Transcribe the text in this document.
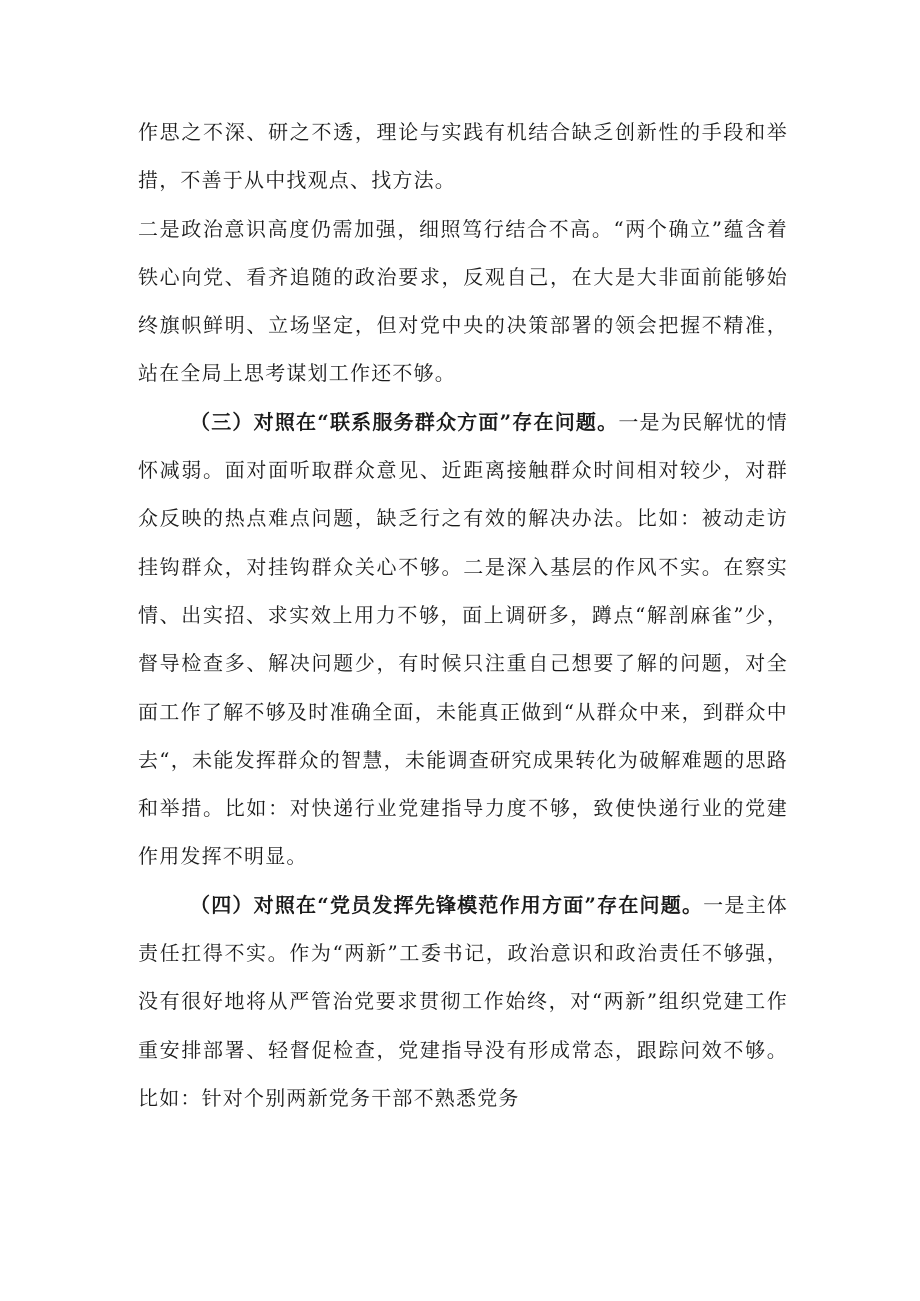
作思之不深、研之不透，理论与实践有机结合缺乏创新性的手段和举措，不善于从中找观点、找方法。

二是政治意识高度仍需加强，细照笃行结合不高。“两个确立”蕴含着铁心向党、看齐追随的政治要求，反观自己，在大是大非面前能够始终旗帜鲜明、立场坚定，但对党中央的决策部署的领会把握不精准，站在全局上思考谋划工作还不够。

（三）对照在“联系服务群众方面”存在问题。一是为民解忧的情怀减弱。面对面听取群众意见、近距离接触群众时间相对较少，对群众反映的热点难点问题，缺乏行之有效的解决办法。比如：被动走访挂钩群众，对挂钩群众关心不够。二是深入基层的作风不实。在察实情、出实招、求实效上用力不够，面上调研多，蹲点“解剖麻雀”少，督导检查多、解决问题少，有时候只注重自己想要了解的问题，对全面工作了解不够及时准确全面，未能真正做到“从群众中来，到群众中去“，未能发挥群众的智慧，未能调查研究成果转化为破解难题的思路和举措。比如：对快递行业党建指导力度不够，致使快递行业的党建作用发挥不明显。

（四）对照在“党员发挥先锋模范作用方面”存在问题。一是主体责任扛得不实。作为“两新”工委书记，政治意识和政治责任不够强，没有很好地将从严管治党要求贯彻工作始终，对“两新”组织党建工作重安排部署、轻督促检查，党建指导没有形成常态，跟踪问效不够。比如：针对个别两新党务干部不熟悉党务
